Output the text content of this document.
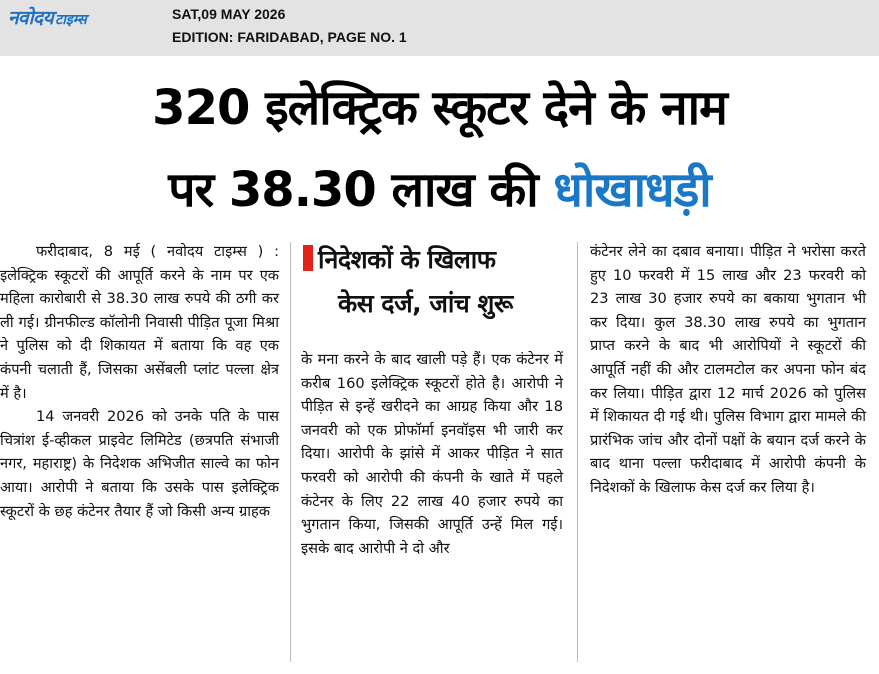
नवोदय टाइम्स	SAT,09 MAY 2026
EDITION: FARIDABAD, PAGE NO. 1
320 इलेक्ट्रिक स्कूटर देने के नाम
पर 38.30 लाख की धोखाधड़ी

फरीदाबाद, 8 मई ( नवोदय टाइम्स ) : इलेक्ट्रिक स्कूटरों की आपूर्ति करने के नाम पर एक महिला कारोबारी से 38.30 लाख रुपये की ठगी कर ली गई। ग्रीनफील्ड कॉलोनी निवासी पीड़ित पूजा मिश्रा ने पुलिस को दी शिकायत में बताया कि वह एक कंपनी चलाती हैं, जिसका असेंबली प्लांट पल्ला क्षेत्र में है।

14 जनवरी 2026 को उनके पति के पास चित्रांश ई-व्हीकल प्राइवेट लिमिटेड (छत्रपति संभाजी नगर, महाराष्ट्र) के निदेशक अभिजीत साल्वे का फोन आया। आरोपी ने बताया कि उसके पास इलेक्ट्रिक स्कूटरों के छह कंटेनर तैयार हैं जो किसी अन्य ग्राहक

निदेशकों के खिलाफ
केस दर्ज, जांच शुरू

के मना करने के बाद खाली पड़े हैं। एक कंटेनर में करीब 160 इलेक्ट्रिक स्कूटरों होते है। आरोपी ने पीड़ित से इन्हें खरीदने का आग्रह किया और 18 जनवरी को एक प्रोफॉर्मा इनवॉइस भी जारी कर दिया। आरोपी के झांसे में आकर पीड़ित ने सात फरवरी को आरोपी की कंपनी के खाते में पहले कंटेनर के लिए 22 लाख 40 हजार रुपये का भुगतान किया, जिसकी आपूर्ति उन्हें मिल गई। इसके बाद आरोपी ने दो और

कंटेनर लेने का दबाव बनाया। पीड़ित ने भरोसा करते हुए 10 फरवरी में 15 लाख और 23 फरवरी को 23 लाख 30 हजार रुपये का बकाया भुगतान भी कर दिया। कुल 38.30 लाख रुपये का भुगतान प्राप्त करने के बाद भी आरोपियों ने स्कूटरों की आपूर्ति नहीं की और टालमटोल कर अपना फोन बंद कर लिया। पीड़ित द्वारा 12 मार्च 2026 को पुलिस में शिकायत दी गई थी। पुलिस विभाग द्वारा मामले की प्रारंभिक जांच और दोनों पक्षों के बयान दर्ज करने के बाद थाना पल्ला फरीदाबाद में आरोपी कंपनी के निदेशकों के खिलाफ केस दर्ज कर लिया है।
